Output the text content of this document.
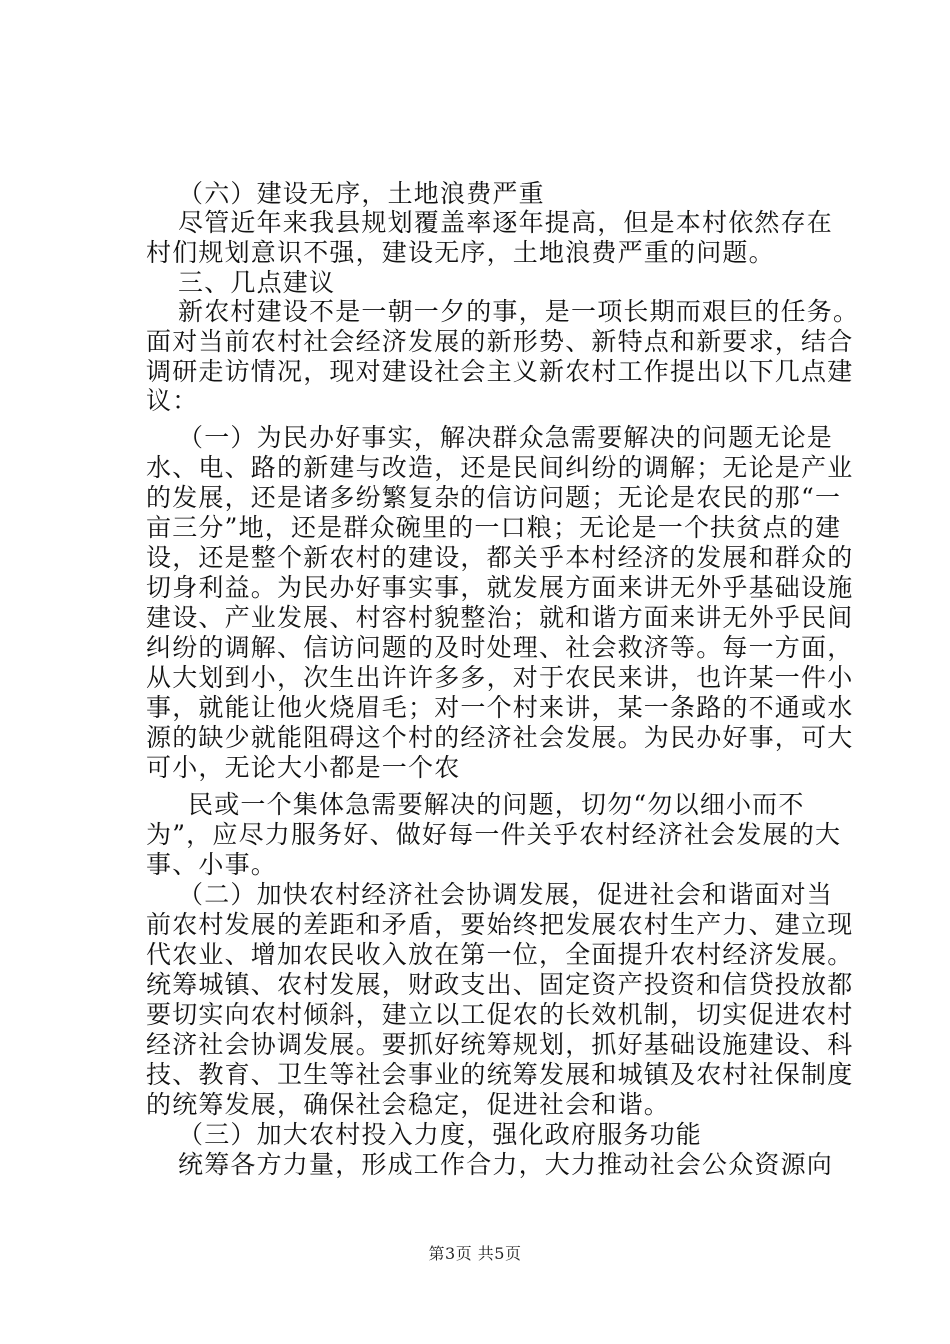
（六）建设无序，土地浪费严重
尽管近年来我县规划覆盖率逐年提高，但是本村依然存在
村们规划意识不强，建设无序，土地浪费严重的问题。
三、几点建议
新农村建设不是一朝一夕的事，是一项长期而艰巨的任务。
面对当前农村社会经济发展的新形势、新特点和新要求，结合
调研走访情况，现对建设社会主义新农村工作提出以下几点建
议：
（一）为民办好事实，解决群众急需要解决的问题无论是
水、电、路的新建与改造，还是民间纠纷的调解；无论是产业
的发展，还是诸多纷繁复杂的信访问题；无论是农民的那“一
亩三分”地，还是群众碗里的一口粮；无论是一个扶贫点的建
设，还是整个新农村的建设，都关乎本村经济的发展和群众的
切身利益。为民办好事实事，就发展方面来讲无外乎基础设施
建设、产业发展、村容村貌整治；就和谐方面来讲无外乎民间
纠纷的调解、信访问题的及时处理、社会救济等。每一方面，
从大划到小，次生出许许多多，对于农民来讲，也许某一件小
事，就能让他火烧眉毛；对一个村来讲，某一条路的不通或水
源的缺少就能阻碍这个村的经济社会发展。为民办好事，可大
可小，无论大小都是一个农
民或一个集体急需要解决的问题，切勿“勿以细小而不
为”，应尽力服务好、做好每一件关乎农村经济社会发展的大
事、小事。
（二）加快农村经济社会协调发展，促进社会和谐面对当
前农村发展的差距和矛盾，要始终把发展农村生产力、建立现
代农业、增加农民收入放在第一位，全面提升农村经济发展。
统筹城镇、农村发展，财政支出、固定资产投资和信贷投放都
要切实向农村倾斜，建立以工促农的长效机制，切实促进农村
经济社会协调发展。要抓好统筹规划，抓好基础设施建设、科
技、教育、卫生等社会事业的统筹发展和城镇及农村社保制度
的统筹发展，确保社会稳定，促进社会和谐。
（三）加大农村投入力度，强化政府服务功能
统筹各方力量，形成工作合力，大力推动社会公众资源向
第3页 共5页
